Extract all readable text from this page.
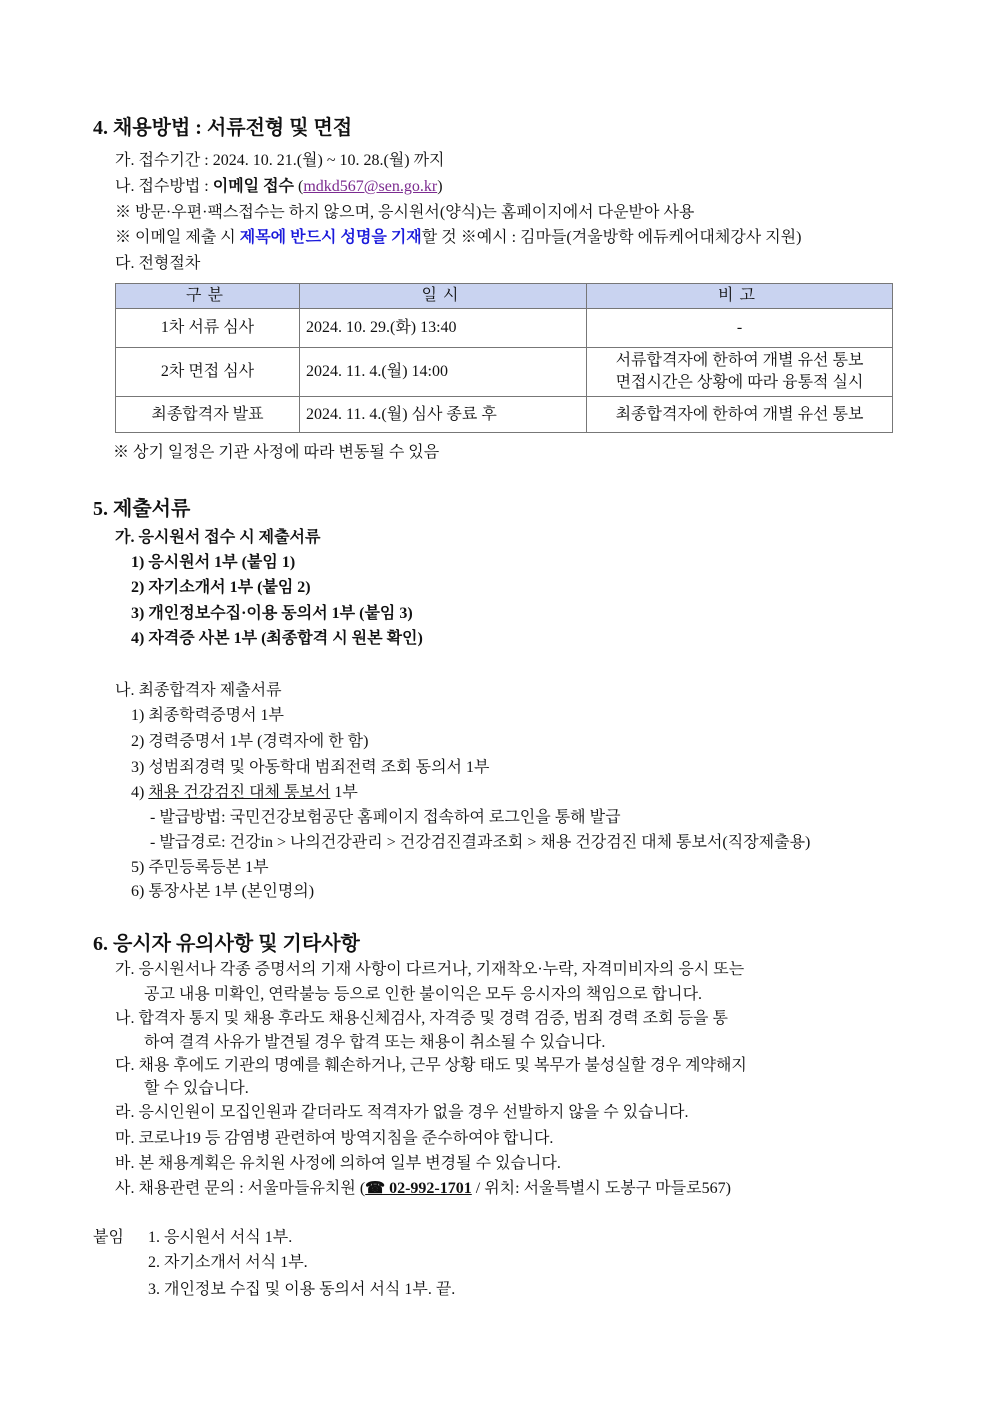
4. 채용방법 : 서류전형 및 면접
가. 접수기간 : 2024. 10. 21.(월) ~ 10. 28.(월) 까지
나. 접수방법 : 이메일 접수 (mdkd567@sen.go.kr)
※ 방문·우편·팩스접수는 하지 않으며, 응시원서(양식)는 홈페이지에서 다운받아 사용
※ 이메일 제출 시 제목에 반드시 성명을 기재할 것 ※예시 : 김마들(겨울방학 에듀케어대체강사 지원)
다. 전형절차
구분	일시	비고
1차 서류 심사	2024. 10. 29.(화) 13:40	-
2차 면접 심사	2024. 11. 4.(월) 14:00	서류합격자에 한하여 개별 유선 통보
면접시간은 상황에 따라 융통적 실시

최종합격자 발표	2024. 11. 4.(월) 심사 종료 후	최종합격자에 한하여 개별 유선 통보
※ 상기 일정은 기관 사정에 따라 변동될 수 있음
5. 제출서류
가. 응시원서 접수 시 제출서류
1) 응시원서 1부 (붙임 1)
2) 자기소개서 1부 (붙임 2)
3) 개인정보수집·이용 동의서 1부 (붙임 3)
4) 자격증 사본 1부 (최종합격 시 원본 확인)
나. 최종합격자 제출서류
1) 최종학력증명서 1부
2) 경력증명서 1부 (경력자에 한 함)
3) 성범죄경력 및 아동학대 범죄전력 조회 동의서 1부
4) 채용 건강검진 대체 통보서 1부
- 발급방법: 국민건강보험공단 홈페이지 접속하여 로그인을 통해 발급
- 발급경로: 건강in > 나의건강관리 > 건강검진결과조회 > 채용 건강검진 대체 통보서(직장제출용)
5) 주민등록등본 1부
6) 통장사본 1부 (본인명의)
6. 응시자 유의사항 및 기타사항
가. 응시원서나 각종 증명서의 기재 사항이 다르거나, 기재착오·누락, 자격미비자의 응시 또는
공고 내용 미확인, 연락불능 등으로 인한 불이익은 모두 응시자의 책임으로 합니다.
나. 합격자 통지 및 채용 후라도 채용신체검사, 자격증 및 경력 검증, 범죄 경력 조회 등을 통
하여 결격 사유가 발견될 경우 합격 또는 채용이 취소될 수 있습니다.
다. 채용 후에도 기관의 명예를 훼손하거나, 근무 상황 태도 및 복무가 불성실할 경우 계약해지
할 수 있습니다.
라. 응시인원이 모집인원과 같더라도 적격자가 없을 경우 선발하지 않을 수 있습니다.
마. 코로나19 등 감염병 관련하여 방역지침을 준수하여야 합니다.
바. 본 채용계획은 유치원 사정에 의하여 일부 변경될 수 있습니다.
사. 채용관련 문의 : 서울마들유치원 (☎ 02-992-1701 / 위치: 서울특별시 도봉구 마들로567)
붙임 1. 응시원서 서식 1부.
2. 자기소개서 서식 1부.
3. 개인정보 수집 및 이용 동의서 서식 1부. 끝.
